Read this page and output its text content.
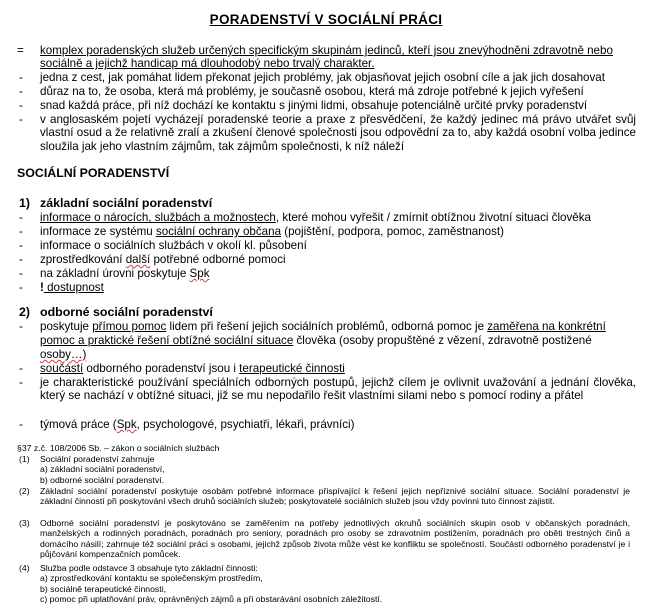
PORADENSTVÍ V SOCIÁLNÍ PRÁCI
=	komplex poradenských služeb určených specifickým skupinám jedinců, kteří jsou znevýhodněni zdravotně nebo sociálně a jejichž handicap má dlouhodobý nebo trvalý charakter.
-	jedna z cest, jak pomáhat lidem překonat jejich problémy, jak objasňovat jejich osobní cíle a jak jich dosahovat
-	důraz na to, že osoba, která má problémy, je současně osobou, která má zdroje potřebné k jejich vyřešení
-	snad každá práce, při níž dochází ke kontaktu s jinými lidmi, obsahuje potenciálně určité prvky poradenství
-	v anglosaském pojetí vycházejí poradenské teorie a praxe z přesvědčení, že každý jedinec má právo utvářet svůj vlastní osud a že relativně zralí a zkušení členové společnosti jsou odpovědní za to, aby každá osobní volba jedince sloužila jak jeho vlastním zájmům, tak zájmům společnosti, k níž náleží
SOCIÁLNÍ PORADENSTVÍ
1) základní sociální poradenství
-	informace o nárocích, službách a možnostech, které mohou vyřešit / zmírnit obtížnou životní situaci člověka
-	informace ze systému sociální ochrany občana (pojištění, podpora, pomoc, zaměstnanost)
-	informace o sociálních službách v okolí kl. působení
-	zprostředkování další potřebné odborné pomoci
-	na základní úrovni poskytuje Spk
-	! dostupnost
2) odborné sociální poradenství
-	poskytuje přímou pomoc lidem při řešení jejich sociálních problémů, odborná pomoc je zaměřena na konkrétní
pomoc a praktické řešení obtížné sociální situace člověka (osoby propuštěné z vězení, zdravotně postižené
osoby…)
-	součástí odborného poradenství jsou i terapeutické činnosti
-	je charakteristické používání speciálních odborných postupů, jejichž cílem je ovlivnit uvažování a jednání člověka, který se nachází v obtížné situaci, již se mu nepodařilo řešit vlastními silami nebo s pomocí rodiny a přátel
-	týmová práce (Spk, psychologové, psychiatři, lékaři, právníci)
§37 z.č. 108/2006 Sb. – zákon o sociálních službách
(1)	Sociální poradenství zahrnuje
a) základní sociální poradenství,
b) odborné sociální poradenství.
(2)	Základní sociální poradenství poskytuje osobám potřebné informace přispívající k řešení jejich nepříznivé sociální situace. Sociální poradenství je základní činností při poskytování všech druhů sociálních služeb; poskytovatelé sociálních služeb jsou vždy povinni tuto činnost zajistit.
(3)	Odborné sociální poradenství je poskytováno se zaměřením na potřeby jednotlivých okruhů sociálních skupin osob v občanských poradnách, manželských a rodinných poradnách, poradnách pro seniory, poradnách pro osoby se zdravotním postižením, poradnách pro oběti trestných činů a domácího násilí; zahrnuje též sociální práci s osobami, jejichž způsob života může vést ke konfliktu se společností. Součástí odborného poradenství je i půjčování kompenzačních pomůcek.
(4)	Služba podle odstavce 3 obsahuje tyto základní činnosti:
a) zprostředkování kontaktu se společenským prostředím,
b) sociálně terapeutické činnosti,
c) pomoc při uplatňování práv, oprávněných zájmů a při obstarávání osobních záležitostí.
